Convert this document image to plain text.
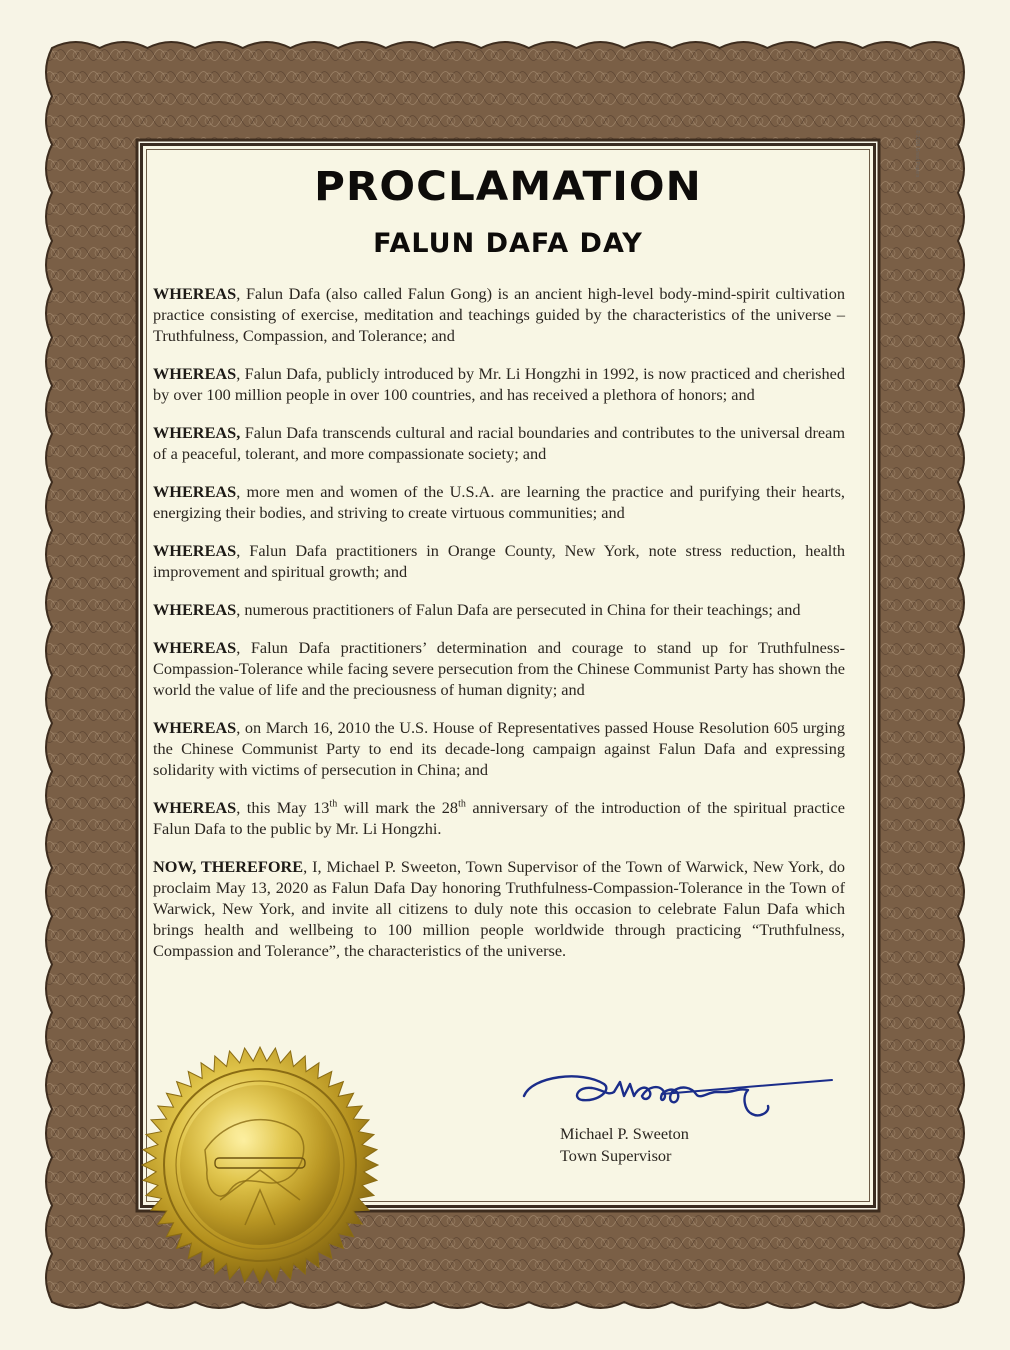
© 2018 Great Papers
PROCLAMATION
FALUN DAFA DAY

WHEREAS, Falun Dafa (also called Falun Gong) is an ancient high-level body-mind-spirit cultivation practice consisting of exercise, meditation and teachings guided by the characteristics of the universe – Truthfulness, Compassion, and Tolerance; and

WHEREAS, Falun Dafa, publicly introduced by Mr. Li Hongzhi in 1992, is now practiced and cherished by over 100 million people in over 100 countries, and has received a plethora of honors; and

WHEREAS, Falun Dafa transcends cultural and racial boundaries and contributes to the universal dream of a peaceful, tolerant, and more compassionate society; and

WHEREAS, more men and women of the U.S.A. are learning the practice and purifying their hearts, energizing their bodies, and striving to create virtuous communities; and

WHEREAS, Falun Dafa practitioners in Orange County, New York, note stress reduction, health improvement and spiritual growth; and

WHEREAS, numerous practitioners of Falun Dafa are persecuted in China for their teachings; and

WHEREAS, Falun Dafa practitioners’ determination and courage to stand up for Truthfulness-Compassion-Tolerance while facing severe persecution from the Chinese Communist Party has shown the world the value of life and the preciousness of human dignity; and

WHEREAS, on March 16, 2010 the U.S. House of Representatives passed House Resolution 605 urging the Chinese Communist Party to end its decade-long campaign against Falun Dafa and expressing solidarity with victims of persecution in China; and

WHEREAS, this May 13th will mark the 28th anniversary of the introduction of the spiritual practice Falun Dafa to the public by Mr. Li Hongzhi.

NOW, THEREFORE, I, Michael P. Sweeton, Town Supervisor of the Town of Warwick, New York, do proclaim May 13, 2020 as Falun Dafa Day honoring Truthfulness-Compassion-Tolerance in the Town of Warwick, New York, and invite all citizens to duly note this occasion to celebrate Falun Dafa which brings health and wellbeing to 100 million people worldwide through practicing “Truthfulness, Compassion and Tolerance”, the characteristics of the universe.

Michael P. Sweeton
Town Supervisor
